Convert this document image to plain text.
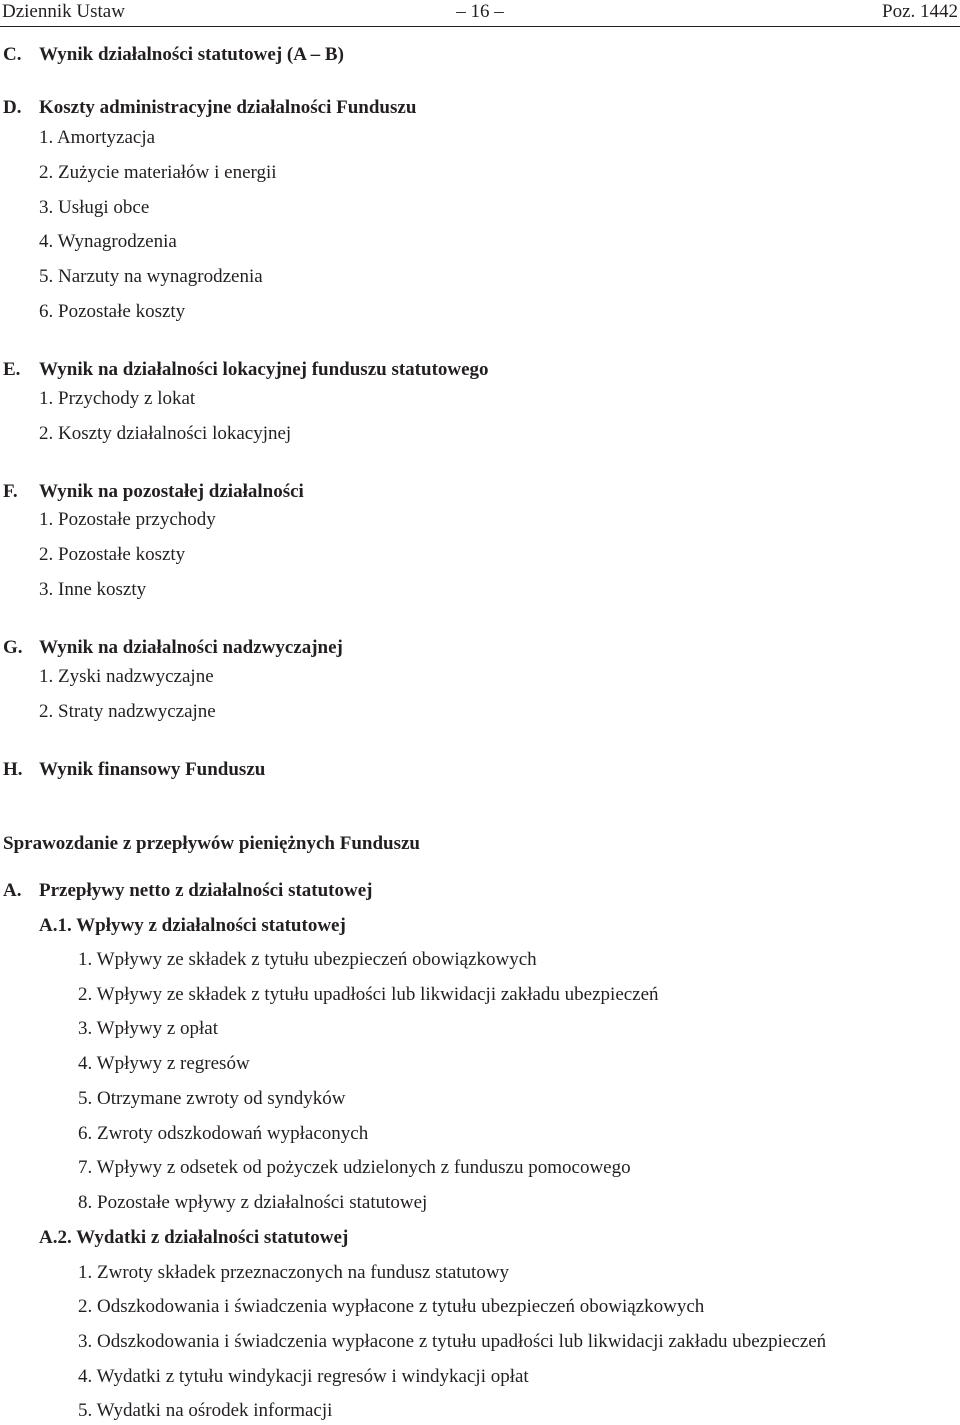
Dziennik Ustaw	– 16 –	Poz. 1442
C. Wynik działalności statutowej (A – B)
D. Koszty administracyjne działalności Funduszu
1. Amortyzacja
2. Zużycie materiałów i energii
3. Usługi obce
4. Wynagrodzenia
5. Narzuty na wynagrodzenia
6. Pozostałe koszty
E. Wynik na działalności lokacyjnej funduszu statutowego
1. Przychody z lokat
2. Koszty działalności lokacyjnej
F. Wynik na pozostałej działalności
1. Pozostałe przychody
2. Pozostałe koszty
3. Inne koszty
G. Wynik na działalności nadzwyczajnej
1. Zyski nadzwyczajne
2. Straty nadzwyczajne
H. Wynik finansowy Funduszu
Sprawozdanie z przepływów pieniężnych Funduszu
A. Przepływy netto z działalności statutowej
A.1. Wpływy z działalności statutowej
1. Wpływy ze składek z tytułu ubezpieczeń obowiązkowych
2. Wpływy ze składek z tytułu upadłości lub likwidacji zakładu ubezpieczeń
3. Wpływy z opłat
4. Wpływy z regresów
5. Otrzymane zwroty od syndyków
6. Zwroty odszkodowań wypłaconych
7. Wpływy z odsetek od pożyczek udzielonych z funduszu pomocowego
8. Pozostałe wpływy z działalności statutowej
A.2. Wydatki z działalności statutowej
1. Zwroty składek przeznaczonych na fundusz statutowy
2. Odszkodowania i świadczenia wypłacone z tytułu ubezpieczeń obowiązkowych
3. Odszkodowania i świadczenia wypłacone z tytułu upadłości lub likwidacji zakładu ubezpieczeń
4. Wydatki z tytułu windykacji regresów i windykacji opłat
5. Wydatki na ośrodek informacji
